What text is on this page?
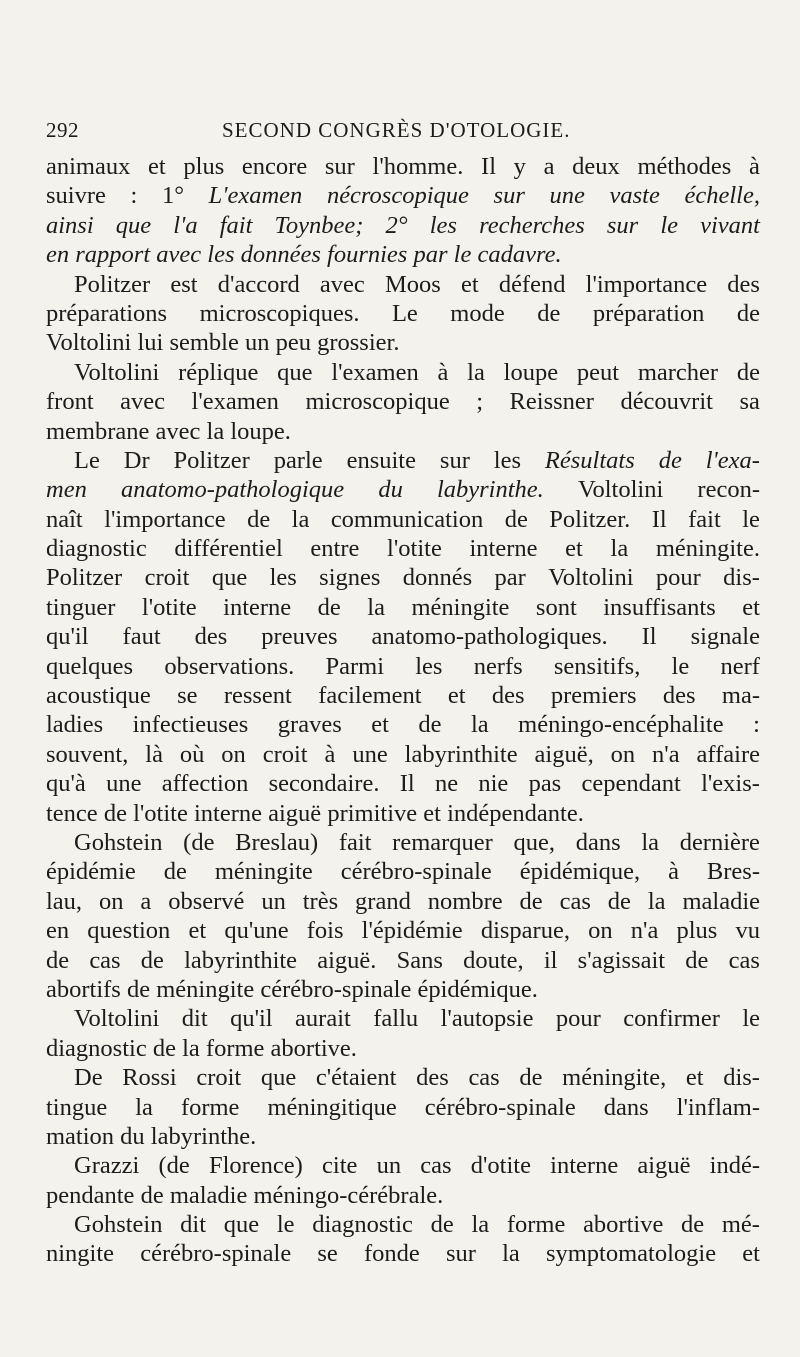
292	SECOND CONGRÈS D'OTOLOGIE.
animaux et plus encore sur l'homme. Il y a deux méthodes à
suivre : 1° L'examen nécroscopique sur une vaste échelle,
ainsi que l'a fait Toynbee; 2° les recherches sur le vivant
en rapport avec les données fournies par le cadavre.
Politzer est d'accord avec Moos et défend l'importance des
préparations microscopiques. Le mode de préparation de
Voltolini lui semble un peu grossier.
Voltolini réplique que l'examen à la loupe peut marcher de
front avec l'examen microscopique ; Reissner découvrit sa
membrane avec la loupe.
Le Dr Politzer parle ensuite sur les Résultats de l'exa-
men anatomo-pathologique du labyrinthe. Voltolini recon-
naît l'importance de la communication de Politzer. Il fait le
diagnostic différentiel entre l'otite interne et la méningite.
Politzer croit que les signes donnés par Voltolini pour dis-
tinguer l'otite interne de la méningite sont insuffisants et
qu'il faut des preuves anatomo-pathologiques. Il signale
quelques observations. Parmi les nerfs sensitifs, le nerf
acoustique se ressent facilement et des premiers des ma-
ladies infectieuses graves et de la méningo-encéphalite :
souvent, là où on croit à une labyrinthite aiguë, on n'a affaire
qu'à une affection secondaire. Il ne nie pas cependant l'exis-
tence de l'otite interne aiguë primitive et indépendante.
Gohstein (de Breslau) fait remarquer que, dans la dernière
épidémie de méningite cérébro-spinale épidémique, à Bres-
lau, on a observé un très grand nombre de cas de la maladie
en question et qu'une fois l'épidémie disparue, on n'a plus vu
de cas de labyrinthite aiguë. Sans doute, il s'agissait de cas
abortifs de méningite cérébro-spinale épidémique.
Voltolini dit qu'il aurait fallu l'autopsie pour confirmer le
diagnostic de la forme abortive.
De Rossi croit que c'étaient des cas de méningite, et dis-
tingue la forme méningitique cérébro-spinale dans l'inflam-
mation du labyrinthe.
Grazzi (de Florence) cite un cas d'otite interne aiguë indé-
pendante de maladie méningo-cérébrale.
Gohstein dit que le diagnostic de la forme abortive de mé-
ningite cérébro-spinale se fonde sur la symptomatologie et
